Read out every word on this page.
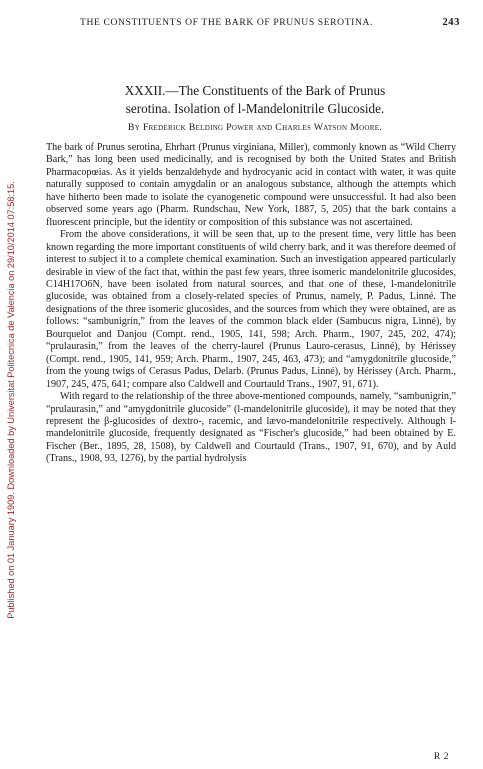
Published on 01 January 1909. Downloaded by Universitat Politecnica de Valencia on 29/10/2014 07:58:15.
THE CONSTITUENTS OF THE BARK OF PRUNUS SEROTINA.	243
XXXII.—The Constituents of the Bark of Prunus
serotina. Isolation of l-Mandelonitrile Glucoside.
By Frederick Belding Power and Charles Watson Moore.

The bark of Prunus serotina, Ehrhart (Prunus virginiana, Miller), commonly known as “Wild Cherry Bark,” has long been used medicinally, and is recognised by both the United States and British Pharmacopœias. As it yields benzaldehyde and hydrocyanic acid in contact with water, it was quite naturally supposed to contain amygdalin or an analogous substance, although the attempts which have hitherto been made to isolate the cyanogenetic compound were unsuccessful. It had also been observed some years ago (Pharm. Rundschau, New York, 1887, 5, 205) that the bark contains a fluorescent principle, but the identity or composition of this substance was not ascertained.

From the above considerations, it will be seen that, up to the present time, very little has been known regarding the more important constituents of wild cherry bark, and it was therefore deemed of interest to subject it to a complete chemical examination. Such an investigation appeared particularly desirable in view of the fact that, within the past few years, three isomeric mandelonitrile glucosides, C14H17O6N, have been isolated from natural sources, and that one of these, l-mandelonitrile glucoside, was obtained from a closely-related species of Prunus, namely, P. Padus, Linné. The designations of the three isomeric glucosides, and the sources from which they were obtained, are as follows: “sambunigrin,” from the leaves of the common black elder (Sambucus nigra, Linné), by Bourquelot and Danjou (Compt. rend., 1905, 141, 598; Arch. Pharm., 1907, 245, 202, 474); “prulaurasin,” from the leaves of the cherry-laurel (Prunus Lauro-cerasus, Linné), by Hérissey (Compt. rend., 1905, 141, 959; Arch. Pharm., 1907, 245, 463, 473); and “amygdonitrile glucoside,” from the young twigs of Cerasus Padus, Delarb. (Prunus Padus, Linné), by Hérissey (Arch. Pharm., 1907, 245, 475, 641; compare also Caldwell and Courtauld Trans., 1907, 91, 671).

With regard to the relationship of the three above-mentioned compounds, namely, “sambunigrin,” “prulaurasin,” and “amygdonitrile glucoside” (l-mandelonitrile glucoside), it may be noted that they represent the β-glucosides of dextro-, racemic, and lævo-mandelonitrile respectively. Although l-mandelonitrile glucoside, frequently designated as “Fischer's glucoside,” had been obtained by E. Fischer (Ber., 1895, 28, 1508), by Caldwell and Courtauld (Trans., 1907, 91, 670), and by Auld (Trans., 1908, 93, 1276), by the partial hydrolysis

R 2
